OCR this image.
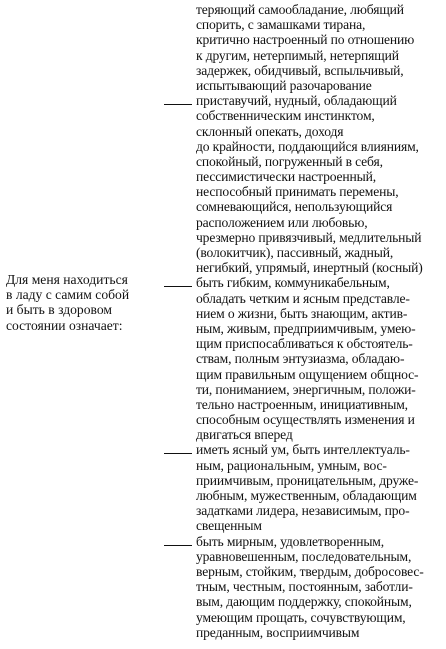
Для меня находиться
в ладу с самим собой
и быть в здоровом
состоянии означает:
теряющий самообладание, любящий
спорить, с замашками тирана,
критично настроенный по отношению
к другим, нетерпимый, нетерпящий
задержек, обидчивый, вспыльчивый,
испытывающий разочарование
приставучий, нудный, обладающий
собственническим инстинктом,
склонный опекать, доходя
до крайности, поддающийся влияниям,
спокойный, погруженный в себя,
пессимистически настроенный,
неспособный принимать перемены,
сомневающийся, непользующийся
расположением или любовью,
чрезмерно привязчивый, медлительный
(волокитчик), пассивный, жадный,
негибкий, упрямый, инертный (косный)
быть гибким, коммуникабельным,
обладать четким и ясным представле-
нием о жизни, быть знающим, актив-
ным, живым, предприимчивым, умею-
щим приспосабливаться к обстоятель-
ствам, полным энтузиазма, обладаю-
щим правильным ощущением общнос-
ти, пониманием, энергичным, положи-
тельно настроенным, инициативным,
способным осуществлять изменения и
двигаться вперед
иметь ясный ум, быть интеллектуаль-
ным, рациональным, умным, вос-
приимчивым, проницательным, друже-
любным, мужественным, обладающим
задатками лидера, независимым, про-
свещенным
быть мирным, удовлетворенным,
уравновешенным, последовательным,
верным, стойким, твердым, добросовес-
тным, честным, постоянным, заботли-
вым, дающим поддержку, спокойным,
умеющим прощать, сочувствующим,
преданным, восприимчивым
